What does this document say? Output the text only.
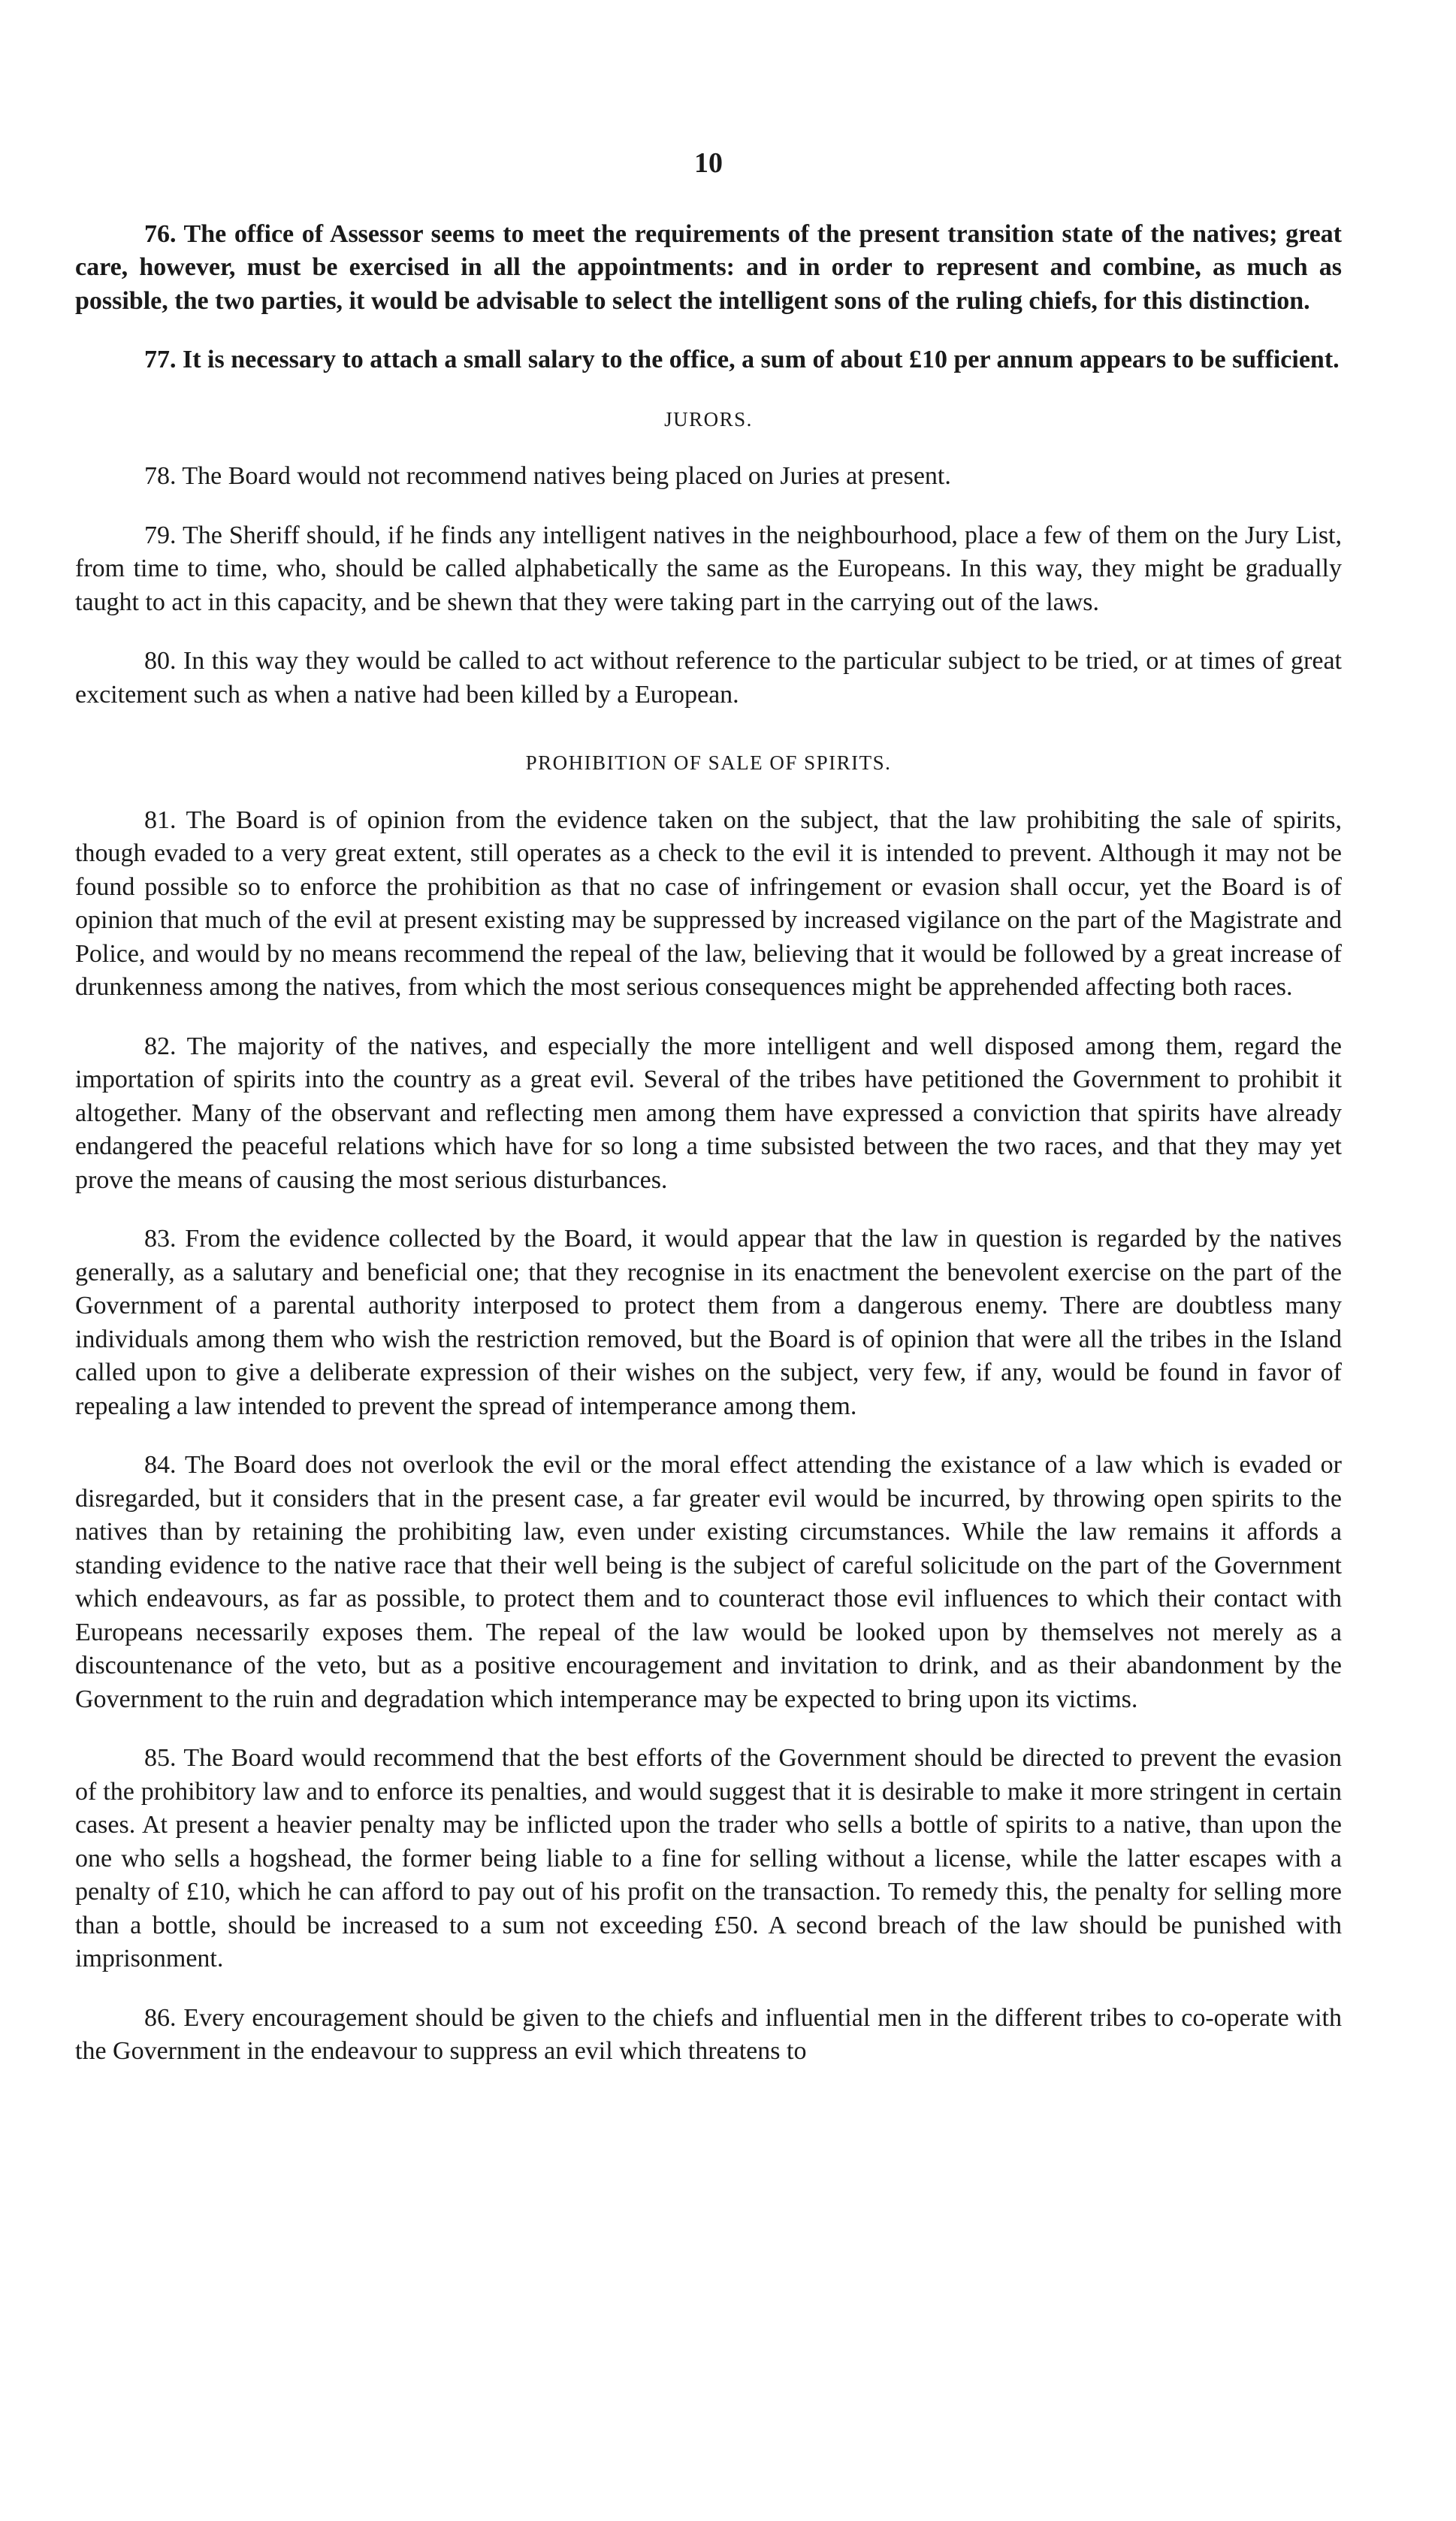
10

76. The office of Assessor seems to meet the requirements of the present transition state of the natives; great care, however, must be exercised in all the appointments: and in order to represent and combine, as much as possible, the two parties, it would be advisable to select the intelligent sons of the ruling chiefs, for this distinction.

77. It is necessary to attach a small salary to the office, a sum of about £10 per annum appears to be sufficient.

JURORS.

78. The Board would not recommend natives being placed on Juries at present.

79. The Sheriff should, if he finds any intelligent natives in the neighbourhood, place a few of them on the Jury List, from time to time, who, should be called alphabetically the same as the Europeans. In this way, they might be gradually taught to act in this capacity, and be shewn that they were taking part in the carrying out of the laws.

80. In this way they would be called to act without reference to the particular subject to be tried, or at times of great excitement such as when a native had been killed by a European.

PROHIBITION OF SALE OF SPIRITS.

81. The Board is of opinion from the evidence taken on the subject, that the law prohibiting the sale of spirits, though evaded to a very great extent, still operates as a check to the evil it is intended to prevent. Although it may not be found possible so to enforce the prohibition as that no case of infringement or evasion shall occur, yet the Board is of opinion that much of the evil at present existing may be suppressed by increased vigilance on the part of the Magistrate and Police, and would by no means recommend the repeal of the law, believing that it would be followed by a great increase of drunkenness among the natives, from which the most serious consequences might be apprehended affecting both races.

82. The majority of the natives, and especially the more intelligent and well disposed among them, regard the importation of spirits into the country as a great evil. Several of the tribes have petitioned the Government to prohibit it altogether. Many of the observant and reflecting men among them have expressed a conviction that spirits have already endangered the peaceful relations which have for so long a time subsisted between the two races, and that they may yet prove the means of causing the most serious disturbances.

83. From the evidence collected by the Board, it would appear that the law in question is regarded by the natives generally, as a salutary and beneficial one; that they recognise in its enactment the benevolent exercise on the part of the Government of a parental authority interposed to protect them from a dangerous enemy. There are doubtless many individuals among them who wish the restriction removed, but the Board is of opinion that were all the tribes in the Island called upon to give a deliberate expression of their wishes on the subject, very few, if any, would be found in favor of repealing a law intended to prevent the spread of intemperance among them.

84. The Board does not overlook the evil or the moral effect attending the existance of a law which is evaded or disregarded, but it considers that in the present case, a far greater evil would be incurred, by throwing open spirits to the natives than by retaining the prohibiting law, even under existing circumstances. While the law remains it affords a standing evidence to the native race that their well being is the subject of careful solicitude on the part of the Government which endeavours, as far as possible, to protect them and to counteract those evil influences to which their contact with Europeans necessarily exposes them. The repeal of the law would be looked upon by themselves not merely as a discountenance of the veto, but as a positive encouragement and invitation to drink, and as their abandonment by the Government to the ruin and degradation which intemperance may be expected to bring upon its victims.

85. The Board would recommend that the best efforts of the Government should be directed to prevent the evasion of the prohibitory law and to enforce its penalties, and would suggest that it is desirable to make it more stringent in certain cases. At present a heavier penalty may be inflicted upon the trader who sells a bottle of spirits to a native, than upon the one who sells a hogshead, the former being liable to a fine for selling without a license, while the latter escapes with a penalty of £10, which he can afford to pay out of his profit on the transaction. To remedy this, the penalty for selling more than a bottle, should be increased to a sum not exceeding £50. A second breach of the law should be punished with imprisonment.

86. Every encouragement should be given to the chiefs and influential men in the different tribes to co-operate with the Government in the endeavour to suppress an evil which threatens to
